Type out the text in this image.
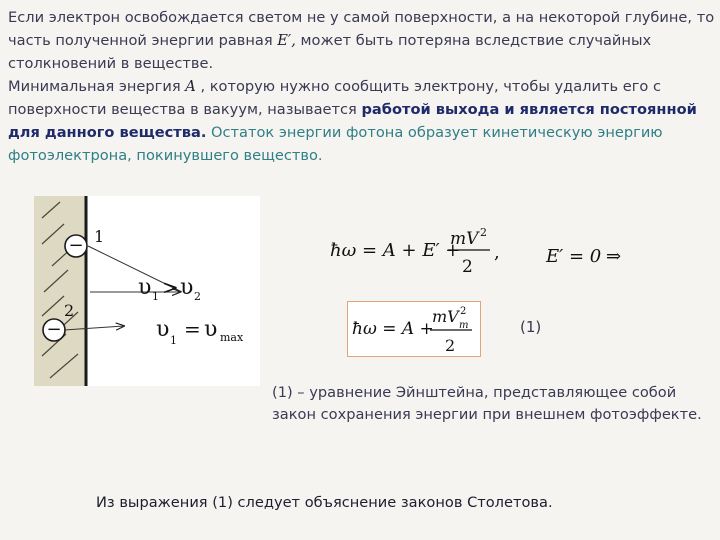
Если электрон освобождается светом не у самой поверхности, а на некоторой глубине, то часть полученной энергии равная E′, может быть потеряна вследствие случайных столкновений в веществе.
Минимальная энергия A , которую нужно сообщить электрону, чтобы удалить его с поверхности вещества в вакуум, называется работой выхода и является постоянной для данного вещества. Остаток энергии фотона образует кинетическую энергию фотоэлектрона, покинувшего вещество.

− 1
−
2
υ 1 > υ 2
υ 1 = υ max
ħω = A + E′ +
mV 2
2
,	E′ = 0 ⇒
ħω = A +
mV 2
m
2
(1)

(1) – уравнение Эйнштейна, представляющее собой закон сохранения энергии при внешнем фотоэффекте.

Из выражения (1) следует объяснение законов Столетова.
